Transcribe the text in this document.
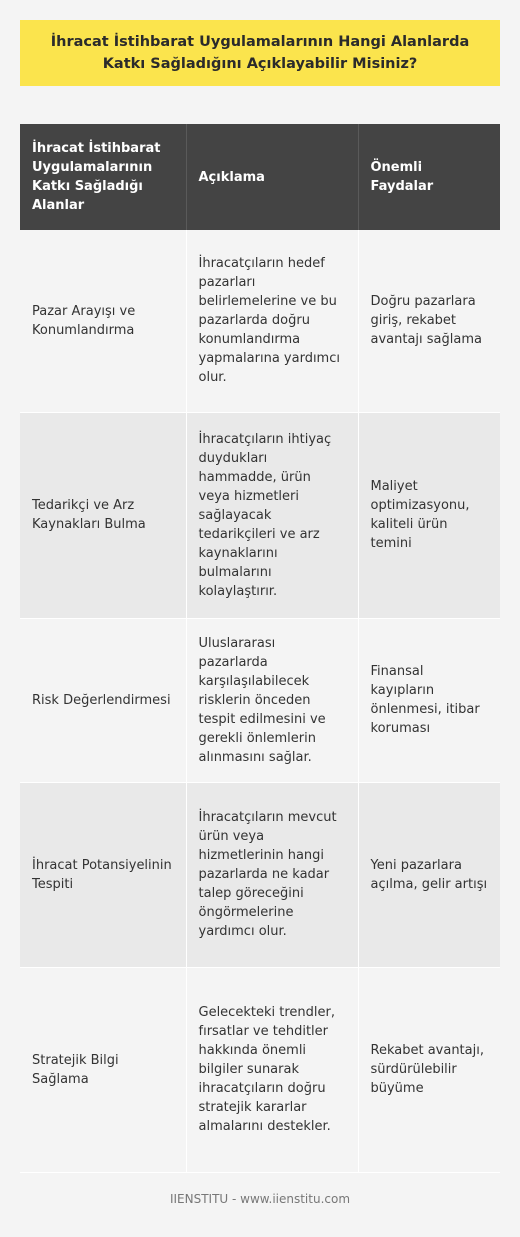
İhracat İstihbarat Uygulamalarının Hangi Alanlarda Katkı Sağladığını Açıklayabilir Misiniz?
İhracat İstihbarat Uygulamalarının Katkı Sağladığı Alanlar	Açıklama	Önemli Faydalar
Pazar Arayışı ve Konumlandırma	İhracatçıların hedef pazarları belirlemelerine ve bu pazarlarda doğru konumlandırma yapmalarına yardımcı olur.	Doğru pazarlara giriş, rekabet avantajı sağlama
Tedarikçi ve Arz Kaynakları Bulma	İhracatçıların ihtiyaç duydukları hammadde, ürün veya hizmetleri sağlayacak tedarikçileri ve arz kaynaklarını bulmalarını kolaylaştırır.	Maliyet optimizasyonu, kaliteli ürün temini
Risk Değerlendirmesi	Uluslararası pazarlarda karşılaşılabilecek risklerin önceden tespit edilmesini ve gerekli önlemlerin alınmasını sağlar.	Finansal kayıpların önlenmesi, itibar koruması
İhracat Potansiyelinin Tespiti	İhracatçıların mevcut ürün veya hizmetlerinin hangi pazarlarda ne kadar talep göreceğini öngörmelerine yardımcı olur.	Yeni pazarlara açılma, gelir artışı
Stratejik Bilgi Sağlama	Gelecekteki trendler, fırsatlar ve tehditler hakkında önemli bilgiler sunarak ihracatçıların doğru stratejik kararlar almalarını destekler.	Rekabet avantajı, sürdürülebilir büyüme
IIENSTITU - www.iienstitu.com
